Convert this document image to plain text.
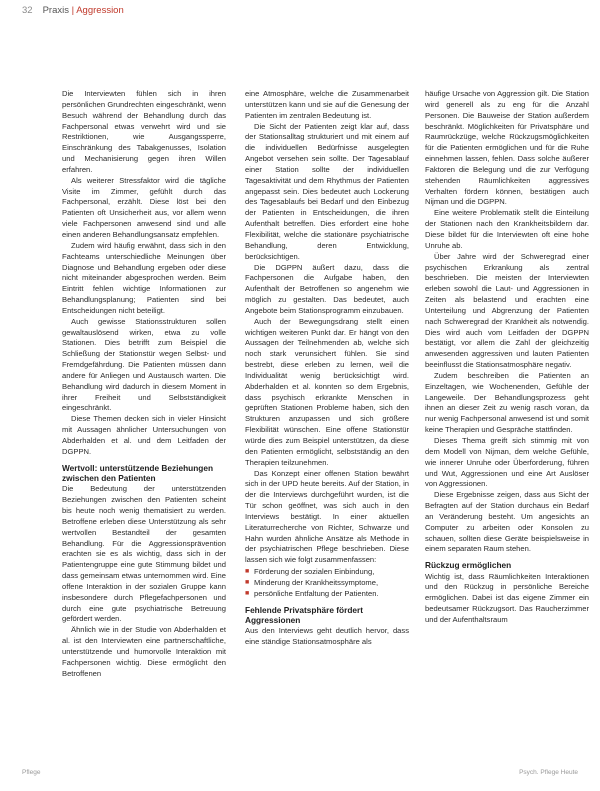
32 Praxis | Aggression

Die Interviewten fühlen sich in ihren persönlichen Grundrechten eingeschränkt, wenn Besuch während der Behandlung durch das Fachpersonal etwas verwehrt wird und sie Restriktionen, wie Ausgangssperre, Einschränkung des Tabakgenusses, Isolation und Mechanisierung gegen ihren Willen erfahren.

Als weiterer Stressfaktor wird die tägliche Visite im Zimmer, gefühlt durch das Fachpersonal, erzählt. Diese löst bei den Patienten oft Unsicherheit aus, vor allem wenn viele Fachpersonen anwesend sind und alle einen anderen Behandlungsansatz empfehlen.

Zudem wird häufig erwähnt, dass sich in den Fachteams unterschiedliche Meinungen über Diagnose und Behandlung ergeben oder diese nicht miteinander abgesprochen werden. Beim Eintritt fehlen wichtige Informationen zur Behandlungsplanung; Patienten sind bei Entscheidungen nicht beteiligt.

Auch gewisse Stationsstrukturen sollen gewaltauslösend wirken, etwa zu volle Stationen. Dies betrifft zum Beispiel die Schließung der Stationstür wegen Selbst- und Fremdgefährdung. Die Patienten müssen dann andere für Anliegen und Austausch warten. Die Behandlung wird dadurch in diesem Moment in ihrer Freiheit und Selbstständigkeit eingeschränkt.

Diese Themen decken sich in vieler Hinsicht mit Aussagen ähnlicher Untersuchungen von Abderhalden et al. und dem Leitfaden der DGPPN.

Wertvoll: unterstützende Beziehungen zwischen den Patienten

Die Bedeutung der unterstützenden Beziehungen zwischen den Patienten scheint bis heute noch wenig thematisiert zu werden. Betroffene erleben diese Unterstützung als sehr wertvollen Bestandteil der gesamten Behandlung. Für die Aggressionsprävention erachten sie es als wichtig, dass sich in der Patientengruppe eine gute Stimmung bildet und dass gemeinsam etwas unternommen wird. Eine offene Interaktion in der sozialen Gruppe kann insbesondere durch Pflegefachpersonen und durch eine gute psychiatrische Betreuung gefördert werden.

Ähnlich wie in der Studie von Abderhalden et al. ist den Interviewten eine partnerschaftliche, unterstützende und humorvolle Interaktion mit Fachpersonen wichtig. Diese ermöglicht den Betroffenen

eine Atmosphäre, welche die Zusammenarbeit unterstützen kann und sie auf die Genesung der Patienten im zentralen Bedeutung ist.

Die Sicht der Patienten zeigt klar auf, dass der Stationsalltag strukturiert und mit einem auf die individuellen Bedürfnisse ausgelegten Angebot versehen sein sollte. Der Tagesablauf einer Station sollte der individuellen Tagesaktivität und dem Rhythmus der Patienten angepasst sein. Dies bedeutet auch Lockerung des Tagesablaufs bei Bedarf und den Einbezug der Patienten in Entscheidungen, die ihren Aufenthalt betreffen. Dies erfordert eine hohe Flexibilität, welche die stationäre psychiatrische Behandlung, deren Entwicklung, berücksichtigen.

Die DGPPN äußert dazu, dass die Fachpersonen die Aufgabe haben, den Aufenthalt der Betroffenen so angenehm wie möglich zu gestalten. Das bedeutet, auch Angebote beim Stationsprogramm einzubauen.

Auch der Bewegungsdrang stellt einen wichtigen weiteren Punkt dar. Er hängt von den Aussagen der Teilnehmenden ab, welche sich noch stark verunsichert fühlen. Sie sind bestrebt, diese erleben zu lernen, weil die Individualität wenig berücksichtigt wird. Abderhalden et al. konnten so dem Ergebnis, dass psychisch erkrankte Menschen in geprüften Stationen Probleme haben, sich den Strukturen anzupassen und sich größere Flexibilität wünschen. Eine offene Stationstür würde dies zum Beispiel unterstützen, da diese den Patienten ermöglicht, selbstständig an den Therapien teilzunehmen.

Das Konzept einer offenen Station bewährt sich in der UPD heute bereits. Auf der Station, in der die Interviews durchgeführt wurden, ist die Tür schon geöffnet, was sich auch in den Interviews bestätigt. In einer aktuellen Literaturrecherche von Richter, Schwarze und Hahn wurden ähnliche Ansätze als Methode in der psychiatrischen Pflege beschrieben. Diese lassen sich wie folgt zusammenfassen:

■ Förderung der sozialen Einbindung,
■ Minderung der Krankheitssymptome,
■ persönliche Entfaltung der Patienten.
Fehlende Privatsphäre fördert Aggressionen

Aus den Interviews geht deutlich hervor, dass eine ständige Stationsatmosphäre als

häufige Ursache von Aggression gilt. Die Station wird generell als zu eng für die Anzahl Personen. Die Bauweise der Station außerdem beschränkt. Möglichkeiten für Privatsphäre und Raumrückzüge, welche Rückzugsmöglichkeiten für die Patienten ermöglichen und für die Ruhe einnehmen lassen, fehlen. Dass solche äußerer Faktoren die Belegung und die zur Verfügung stehenden Räumlichkeiten aggressives Verhalten fördern können, bestätigen auch Nijman und die DGPPN.

Eine weitere Problematik stellt die Einteilung der Stationen nach den Krankheitsbildern dar. Diese bildet für die Interviewten oft eine hohe Unruhe ab.

Über Jahre wird der Schweregrad einer psychischen Erkrankung als zentral beschrieben. Die meisten der Interviewten erleben sowohl die Laut- und Aggressionen in Zeiten als belastend und erachten eine Unterteilung und Abgrenzung der Patienten nach Schweregrad der Krankheit als notwendig. Dies wird auch vom Leitfaden der DGPPN bestätigt, vor allem die Zahl der gleichzeitig anwesenden aggressiven und lauten Patienten beeinflusst die Stationsatmosphäre negativ.

Zudem beschreiben die Patienten an Einzeltagen, wie Wochenenden, Gefühle der Langeweile. Der Behandlungsprozess geht ihnen an dieser Zeit zu wenig rasch voran, da nur wenig Fachpersonal anwesend ist und somit keine Therapien und Gespräche stattfinden.

Dieses Thema greift sich stimmig mit von dem Modell von Nijman, dem welche Gefühle, wie innerer Unruhe oder Überforderung, führen und Wut, Aggressionen und eine Art Auslöser von Aggressionen.

Diese Ergebnisse zeigen, dass aus Sicht der Befragten auf der Station durchaus ein Bedarf an Veränderung besteht. Um angesichts an Computer zu arbeiten oder Konsolen zu schauen, sollten diese Geräte beispielsweise in einem separaten Raum stehen.

Rückzug ermöglichen

Wichtig ist, dass Räumlichkeiten Interaktionen und den Rückzug in persönliche Bereiche ermöglichen. Dabei ist das eigene Zimmer ein bedeutsamer Rückzugsort. Das Raucherzimmer und der Aufenthaltsraum

Pflege	Psych. Pflege Heute
